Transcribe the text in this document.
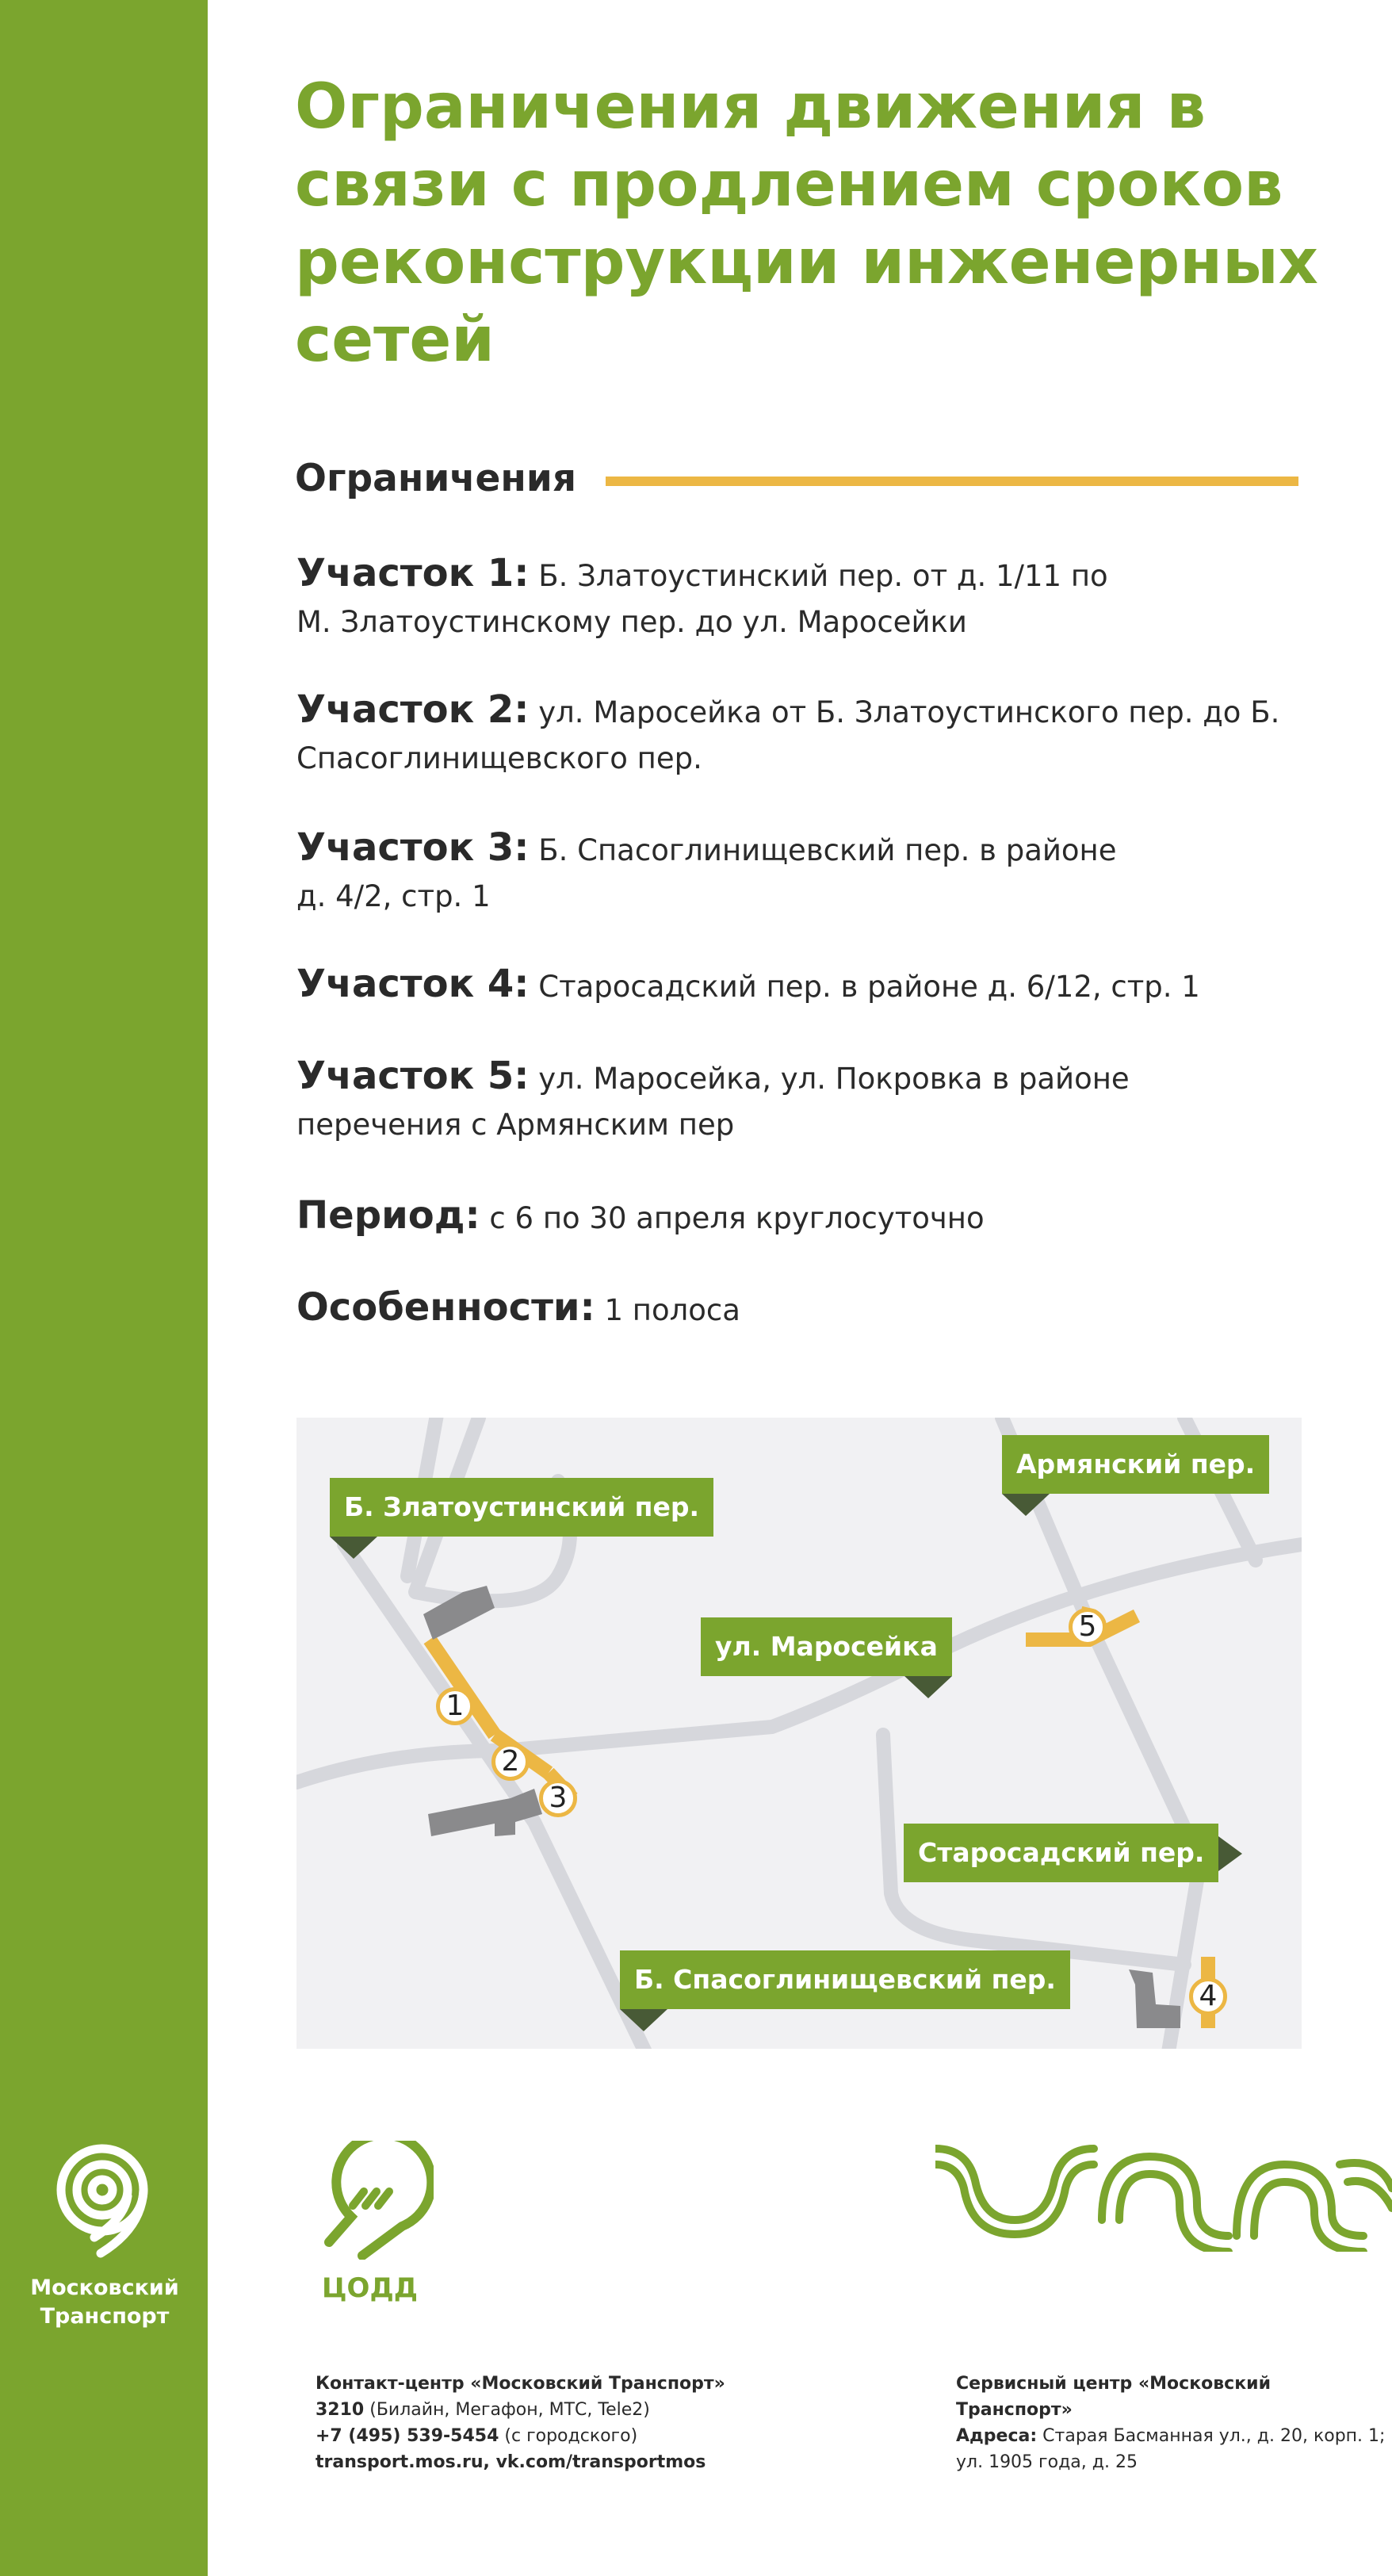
Московский
Транспорт
Ограничения движения в связи с продлением сроков реконструкции инженерных сетей
Ограничения
Участок 1: Б. Златоустинский пер. от д. 1/11 по М. Златоустинскому пер. до ул. Маросейки
Участок 2: ул. Маросейка от Б. Златоустинского пер. до Б. Спасоглинищевского пер.
Участок 3: Б. Спасоглинищевский пер. в районе д. 4/2, стр. 1
Участок 4: Старосадский пер. в районе д. 6/12, стр. 1
Участок 5: ул. Маросейка, ул. Покровка в районе перечения с Армянским пер
Период: с 6 по 30 апреля круглосуточно
Особенности: 1 полоса
Б. Златоустинский пер.
ул. Маросейка
Армянский пер.
Старосадский пер.
Б. Спасоглинищевский пер.
1
2
3
4
5
ЦОДД
Контакт-центр «Московский Транспорт»
3210 (Билайн, Мегафон, МТС, Tele2)
+7 (495) 539-5454 (с городского)
transport.mos.ru, vk.com/transportmos
Сервисный центр «Московский Транспорт»
Адреса: Старая Басманная ул., д. 20, корп. 1;
ул. 1905 года, д. 25
